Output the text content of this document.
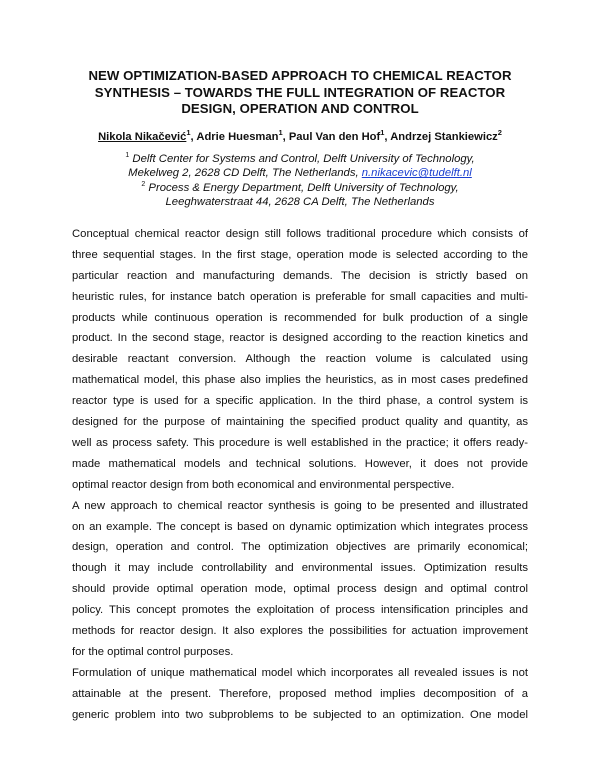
NEW OPTIMIZATION-BASED APPROACH TO CHEMICAL REACTOR
SYNTHESIS – TOWARDS THE FULL INTEGRATION OF REACTOR
DESIGN, OPERATION AND CONTROL
Nikola Nikačević$^1$, Adrie Huesman$^1$, Paul Van den Hof$^1$, Andrzej Stankiewicz$^2$
$^1$ Delft Center for Systems and Control, Delft University of Technology,
Mekelweg 2, 2628 CD Delft, The Netherlands, n.nikacevic@tudelft.nl
$^2$ Process & Energy Department, Delft University of Technology,
Leeghwaterstraat 44, 2628 CA Delft, The Netherlands

Conceptual chemical reactor design still follows traditional procedure which consists of
three sequential stages. In the first stage, operation mode is selected according to the
particular reaction and manufacturing demands. The decision is strictly based on
heuristic rules, for instance batch operation is preferable for small capacities and multi-
products while continuous operation is recommended for bulk production of a single
product. In the second stage, reactor is designed according to the reaction kinetics and
desirable reactant conversion. Although the reaction volume is calculated using
mathematical model, this phase also implies the heuristics, as in most cases predefined
reactor type is used for a specific application. In the third phase, a control system is
designed for the purpose of maintaining the specified product quality and quantity, as
well as process safety. This procedure is well established in the practice; it offers ready-
made mathematical models and technical solutions. However, it does not provide
optimal reactor design from both economical and environmental perspective.

A new approach to chemical reactor synthesis is going to be presented and illustrated
on an example. The concept is based on dynamic optimization which integrates process
design, operation and control. The optimization objectives are primarily economical;
though it may include controllability and environmental issues. Optimization results
should provide optimal operation mode, optimal process design and optimal control
policy. This concept promotes the exploitation of process intensification principles and
methods for reactor design. It also explores the possibilities for actuation improvement
for the optimal control purposes.

Formulation of unique mathematical model which incorporates all revealed issues is not
attainable at the present. Therefore, proposed method implies decomposition of a
generic problem into two subproblems to be subjected to an optimization. One model
